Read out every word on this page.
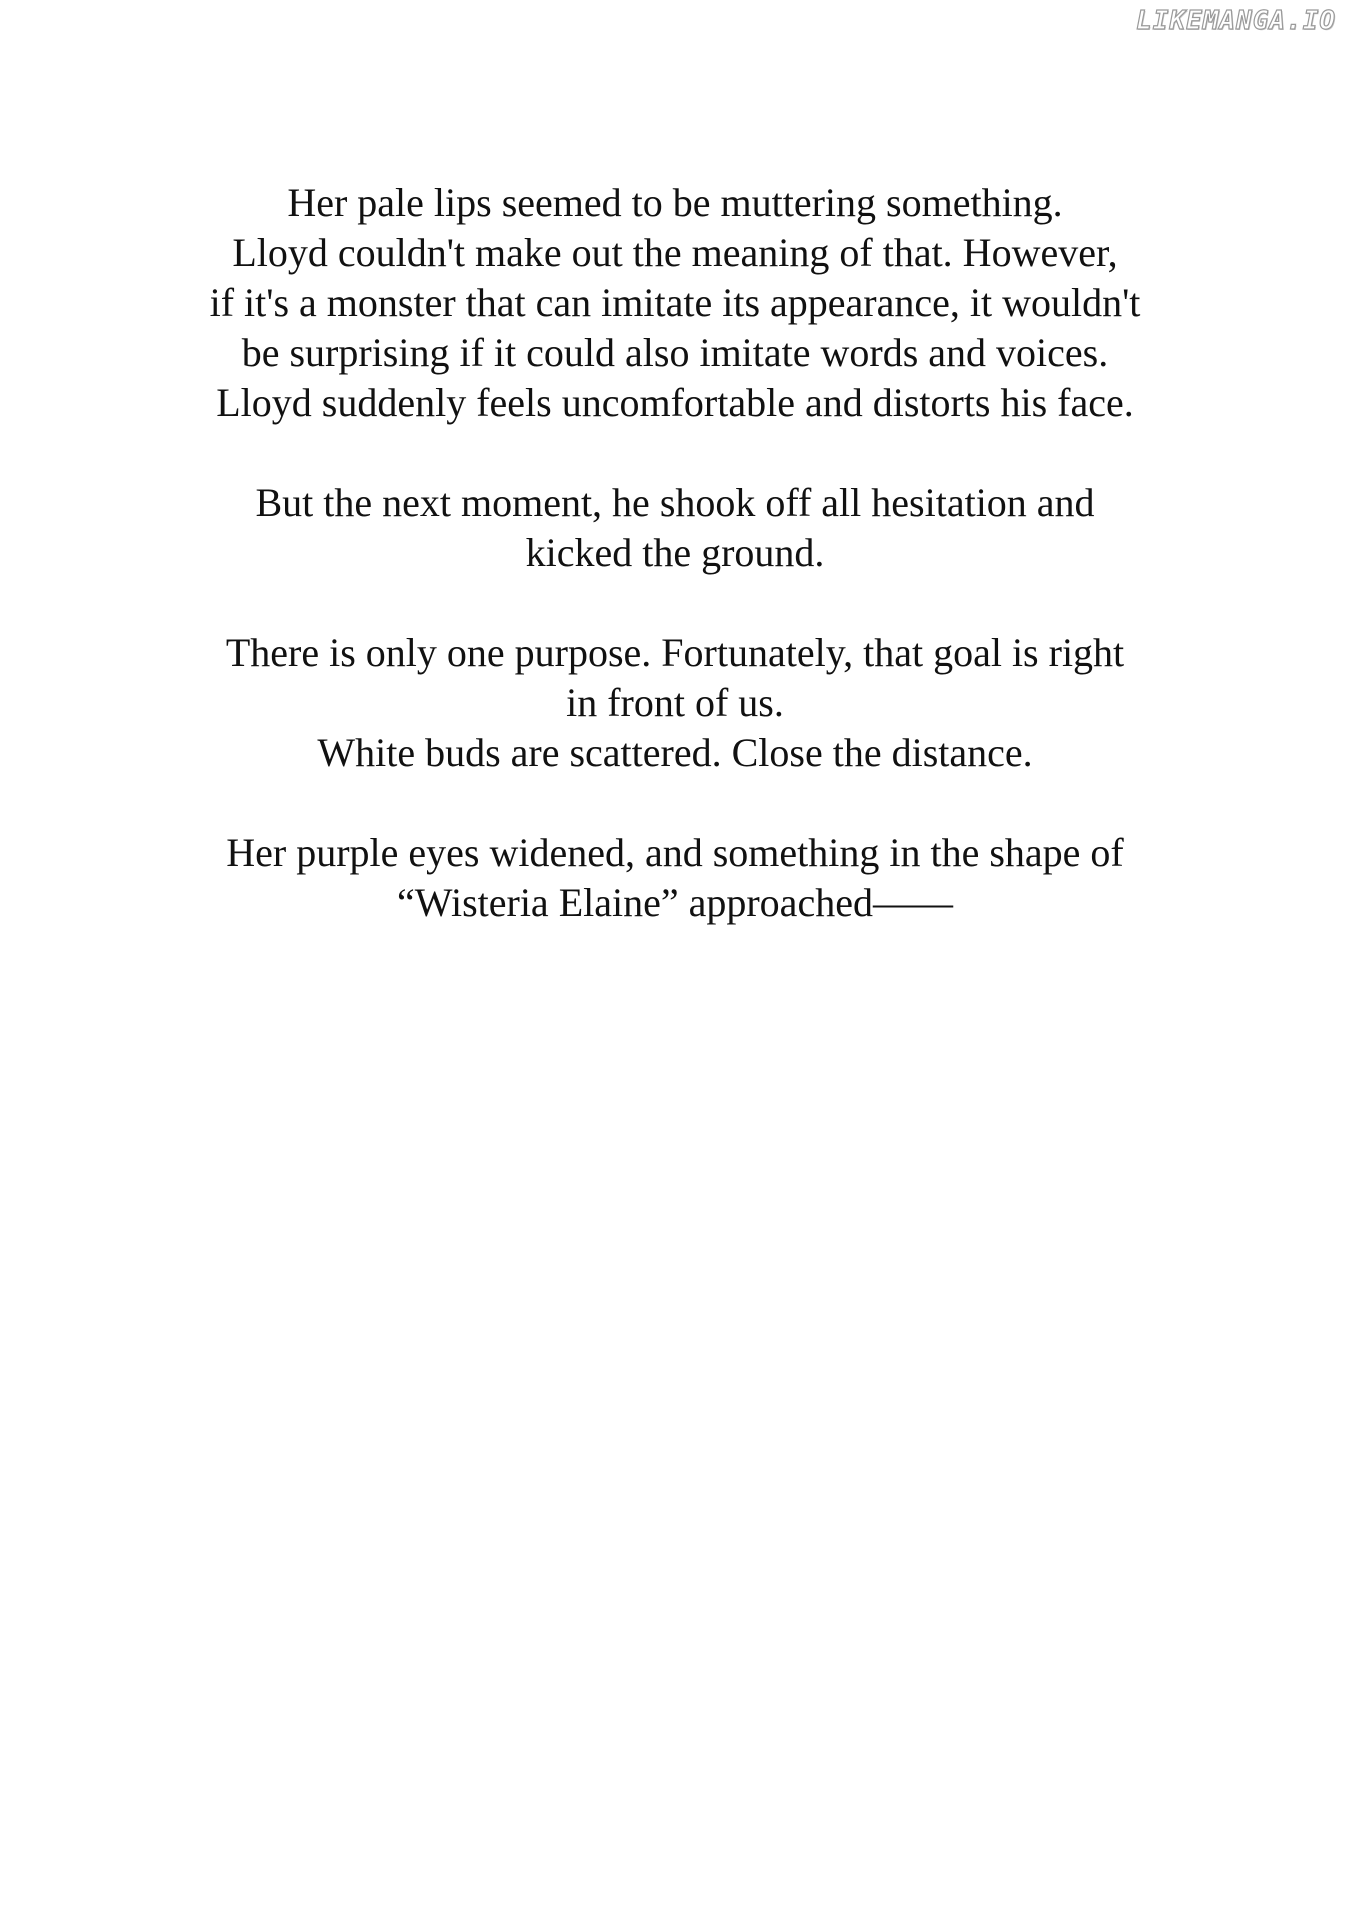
LIKEMANGA.IO

Her pale lips seemed to be muttering something.
Lloyd couldn't make out the meaning of that. However,
if it's a monster that can imitate its appearance, it wouldn't
be surprising if it could also imitate words and voices.
Lloyd suddenly feels uncomfortable and distorts his face.

But the next moment, he shook off all hesitation and
kicked the ground.

There is only one purpose. Fortunately, that goal is right
in front of us.
White buds are scattered. Close the distance.

Her purple eyes widened, and something in the shape of
“Wisteria Elaine” approached——
